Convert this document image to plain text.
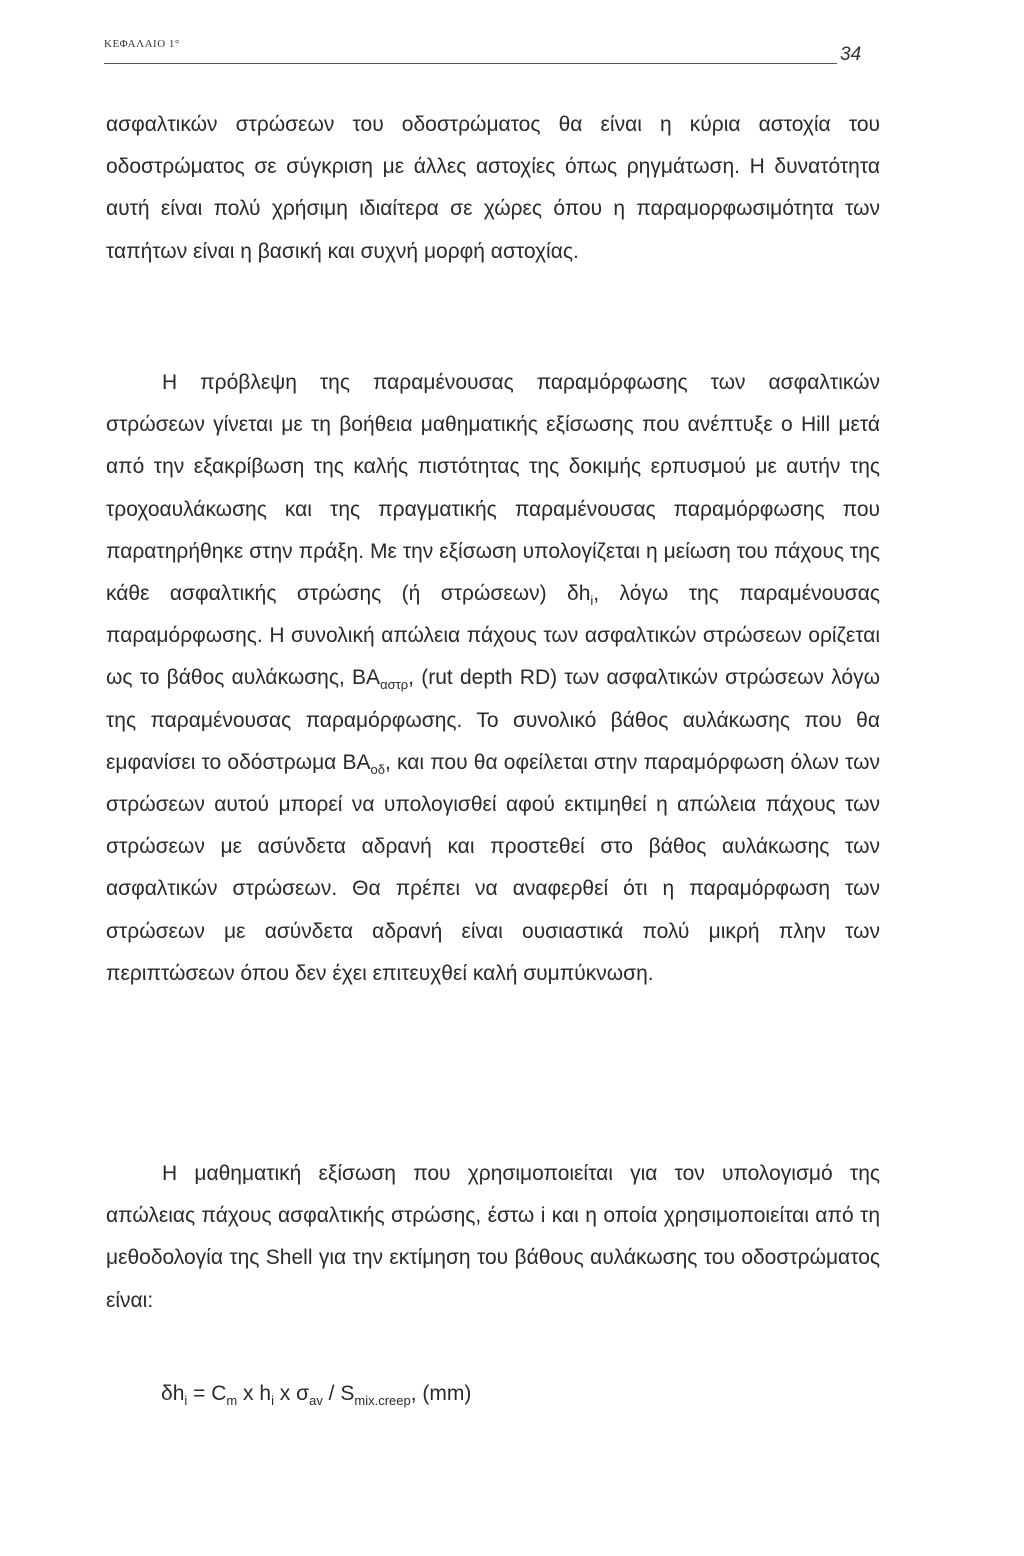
ΚΕΦΑΛΑΙΟ 1°	34

ασφαλτικών στρώσεων του οδοστρώματος θα είναι η κύρια αστοχία του οδοστρώματος σε σύγκριση με άλλες αστοχίες όπως ρηγμάτωση. Η δυνατότητα αυτή είναι πολύ χρήσιμη ιδιαίτερα σε χώρες όπου η παραμορφωσιμότητα των ταπήτων είναι η βασική και συχνή μορφή αστοχίας.

Η πρόβλεψη της παραμένουσας παραμόρφωσης των ασφαλτικών στρώσεων γίνεται με τη βοήθεια μαθηματικής εξίσωσης που ανέπτυξε ο Hill μετά από την εξακρίβωση της καλής πιστότητας της δοκιμής ερπυσμού με αυτήν της τροχοαυλάκωσης και της πραγματικής παραμένουσας παραμόρφωσης που παρατηρήθηκε στην πράξη. Με την εξίσωση υπολογίζεται η μείωση του πάχους της κάθε ασφαλτικής στρώσης (ή στρώσεων) $\delta h_i$, λόγω της παραμένουσας παραμόρφωσης. Η συνολική απώλεια πάχους των ασφαλτικών στρώσεων ορίζεται ως το βάθος αυλάκωσης, $BA_{\alpha\sigma\tau\rho}$, (rut depth RD) των ασφαλτικών στρώσεων λόγω της παραμένουσας παραμόρφωσης. Το συνολικό βάθος αυλάκωσης που θα εμφανίσει το οδόστρωμα $BA_{o\delta}$, και που θα οφείλεται στην παραμόρφωση όλων των στρώσεων αυτού μπορεί να υπολογισθεί αφού εκτιμηθεί η απώλεια πάχους των στρώσεων με ασύνδετα αδρανή και προστεθεί στο βάθος αυλάκωσης των ασφαλτικών στρώσεων. Θα πρέπει να αναφερθεί ότι η παραμόρφωση των στρώσεων με ασύνδετα αδρανή είναι ουσιαστικά πολύ μικρή πλην των περιπτώσεων όπου δεν έχει επιτευχθεί καλή συμπύκνωση.

Η μαθηματική εξίσωση που χρησιμοποιείται για τον υπολογισμό της απώλειας πάχους ασφαλτικής στρώσης, έστω i και η οποία χρησιμοποιείται από τη μεθοδολογία της Shell για την εκτίμηση του βάθους αυλάκωσης του οδοστρώματος είναι:

$\delta h_i = C_m$ x $h_i$ x $\sigma_{av} / S_{mix.creep}$, (mm)
